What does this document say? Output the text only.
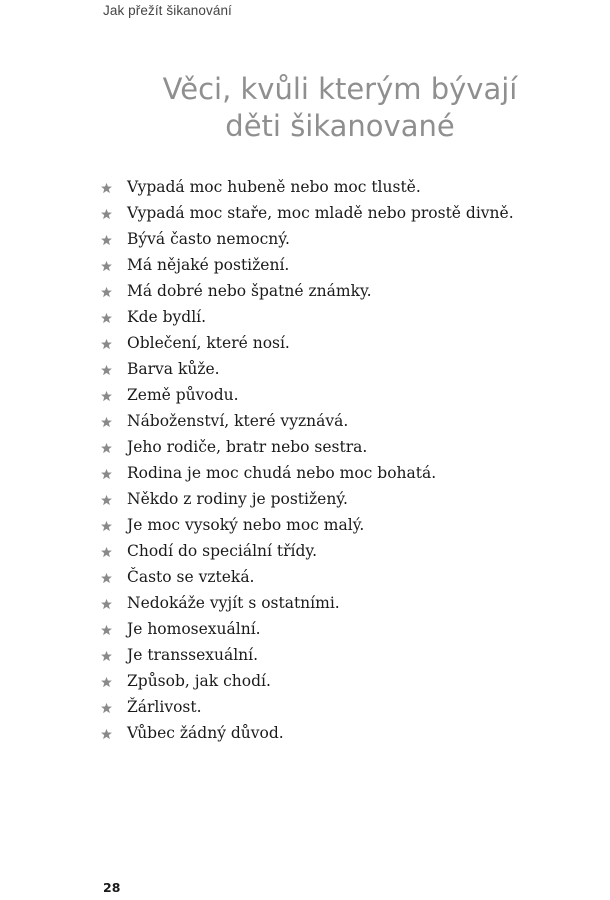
Jak přežít šikanování
Věci, kvůli kterým bývají
děti šikanované
Vypadá moc hubeně nebo moc tlustě.
Vypadá moc staře, moc mladě nebo prostě divně.
Bývá často nemocný.
Má nějaké postižení.
Má dobré nebo špatné známky.
Kde bydlí.
Oblečení, které nosí.
Barva kůže.
Země původu.
Náboženství, které vyznává.
Jeho rodiče, bratr nebo sestra.
Rodina je moc chudá nebo moc bohatá.
Někdo z rodiny je postižený.
Je moc vysoký nebo moc malý.
Chodí do speciální třídy.
Často se vzteká.
Nedokáže vyjít s ostatními.
Je homosexuální.
Je transsexuální.
Způsob, jak chodí.
Žárlivost.
Vůbec žádný důvod.
28
